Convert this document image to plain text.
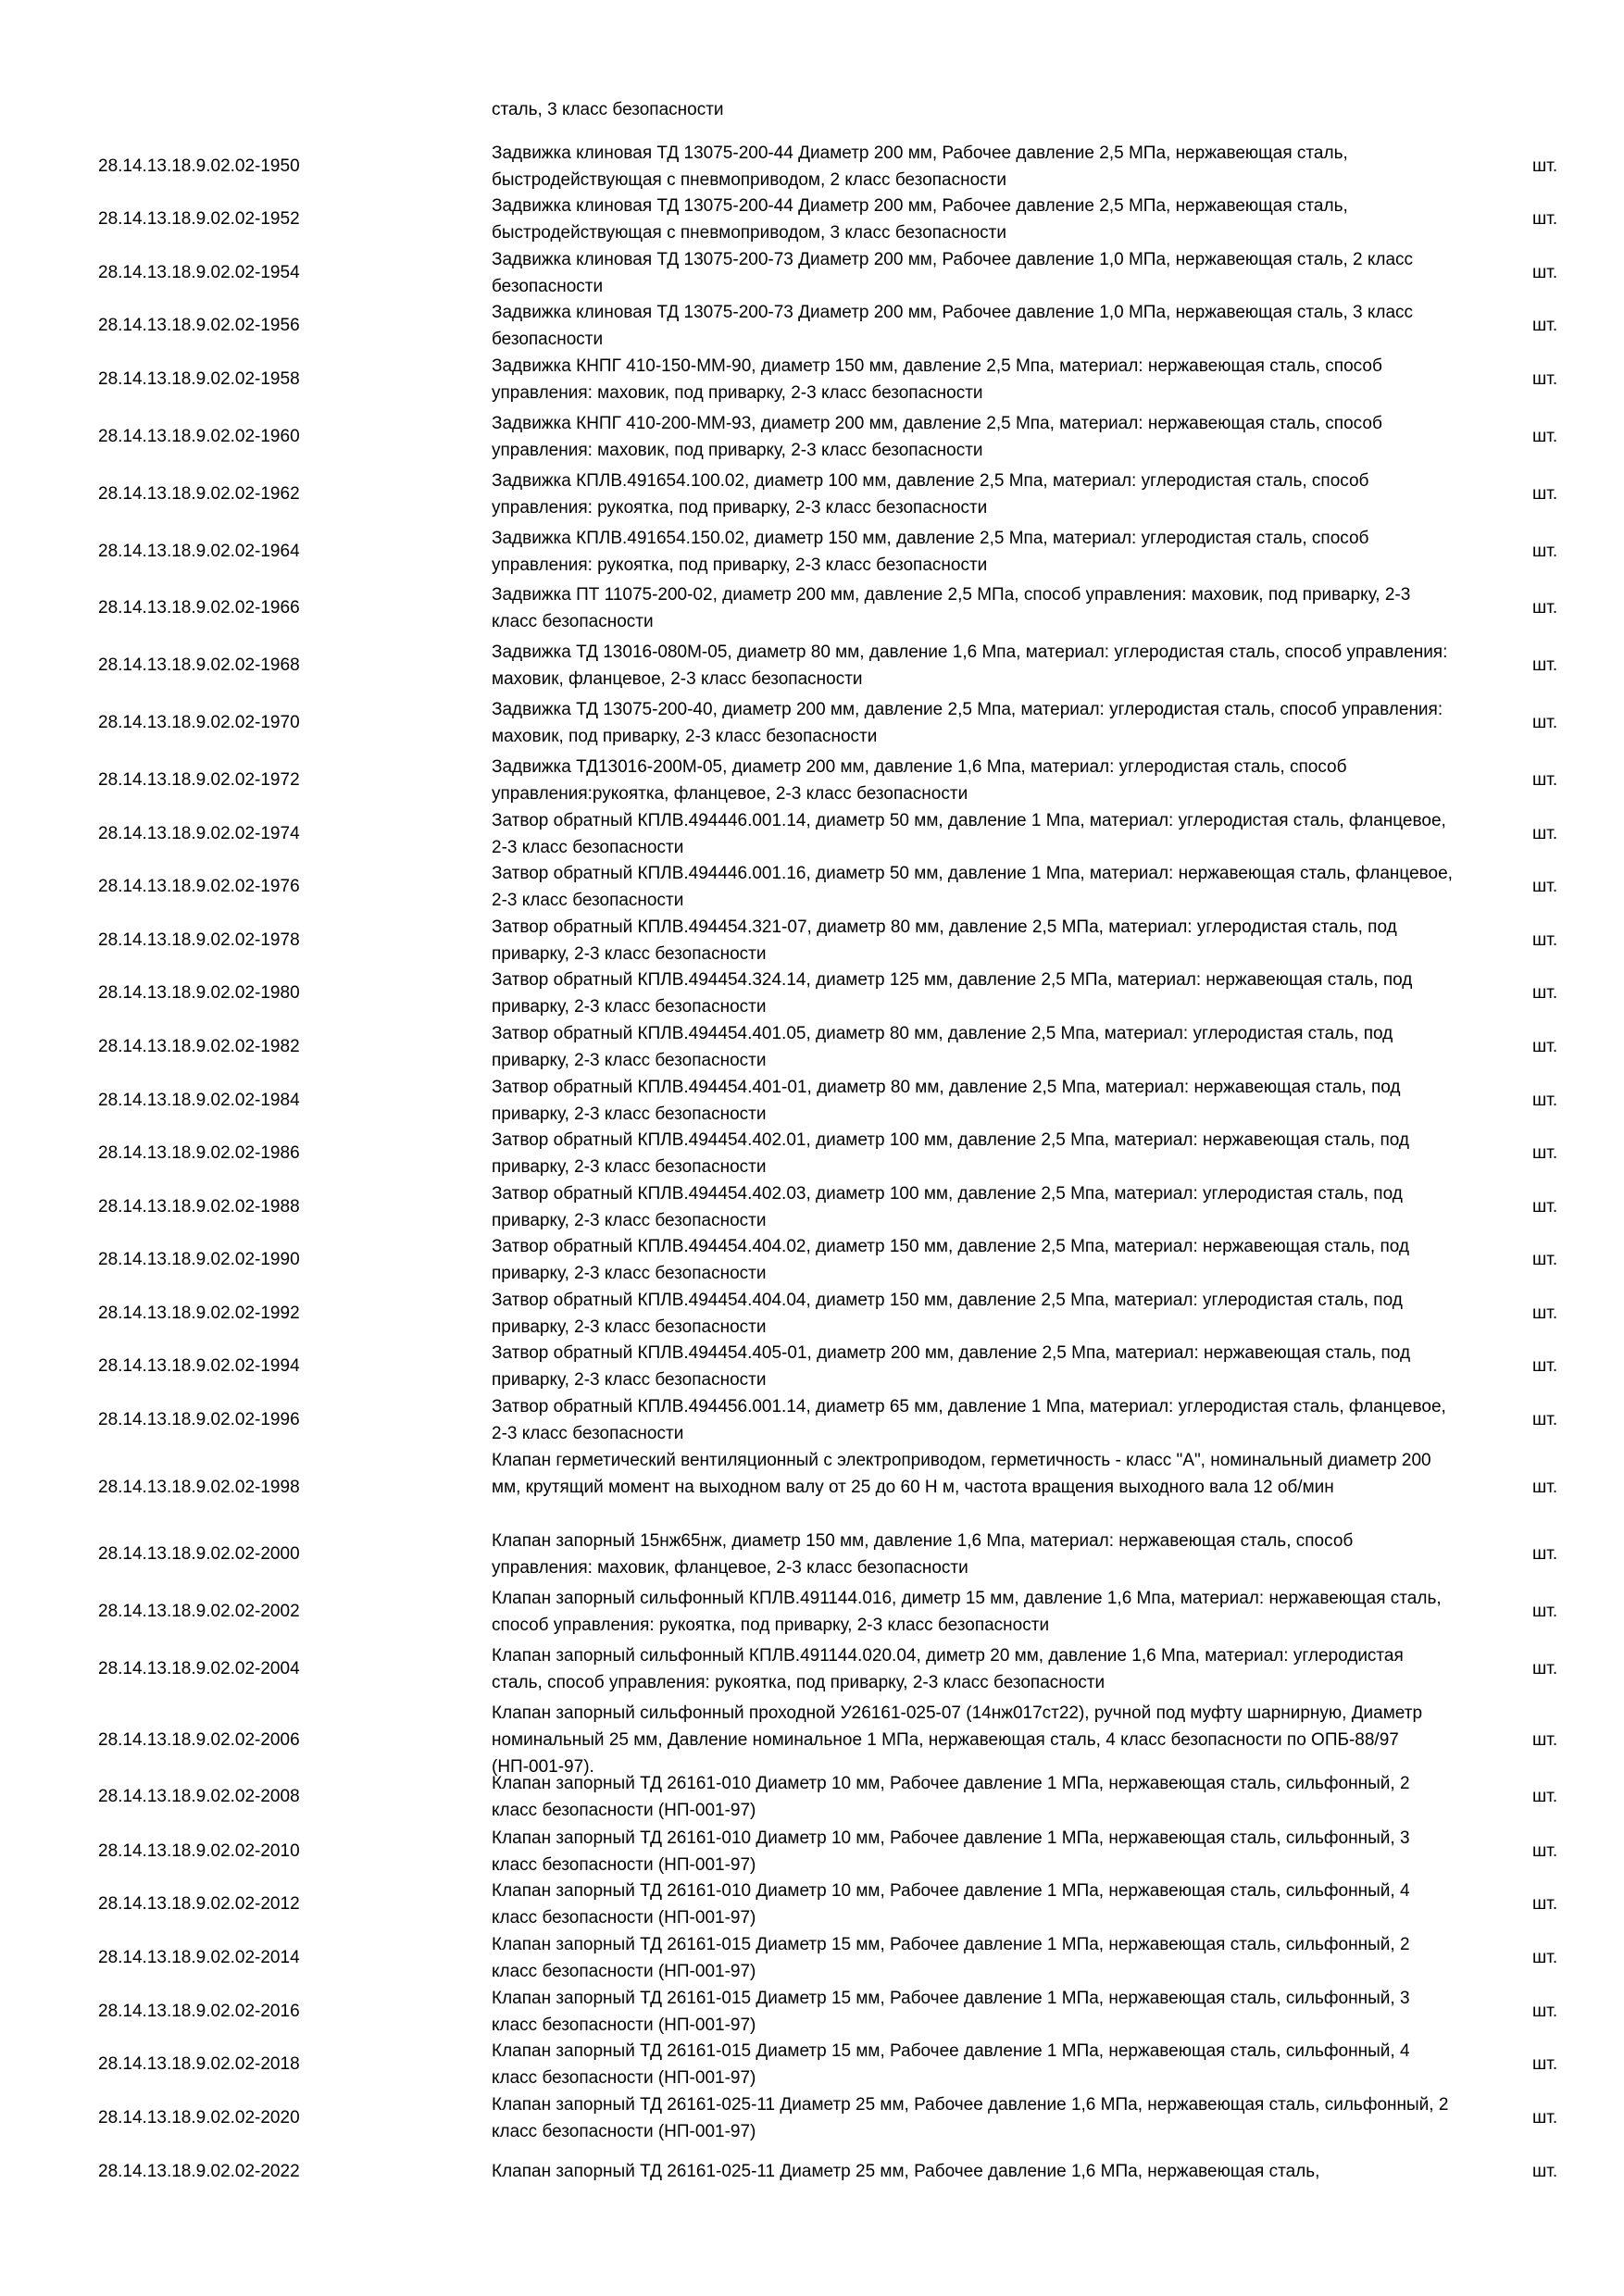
сталь, 3 класс безопасности
28.14.13.18.9.02.02-1950
Задвижка клиновая ТД 13075-200-44 Диаметр 200 мм, Рабочее давление 2,5 МПа, нержавеющая сталь, быстродействующая с пневмоприводом, 2 класс безопасности
шт.
28.14.13.18.9.02.02-1952
Задвижка клиновая ТД 13075-200-44 Диаметр 200 мм, Рабочее давление 2,5 МПа, нержавеющая сталь, быстродействующая с пневмоприводом, 3 класс безопасности
шт.
28.14.13.18.9.02.02-1954
Задвижка клиновая ТД 13075-200-73 Диаметр 200 мм, Рабочее давление 1,0 МПа, нержавеющая сталь, 2 класс безопасности
шт.
28.14.13.18.9.02.02-1956
Задвижка клиновая ТД 13075-200-73 Диаметр 200 мм, Рабочее давление 1,0 МПа, нержавеющая сталь, 3 класс безопасности
шт.
28.14.13.18.9.02.02-1958
Задвижка КНПГ 410-150-ММ-90, диаметр 150 мм, давление 2,5 Мпа, материал: нержавеющая сталь, способ управления: маховик, под приварку, 2-3 класс безопасности
шт.
28.14.13.18.9.02.02-1960
Задвижка КНПГ 410-200-ММ-93, диаметр 200 мм, давление 2,5 Мпа, материал: нержавеющая сталь, способ управления: маховик, под приварку, 2-3 класс безопасности
шт.
28.14.13.18.9.02.02-1962
Задвижка КПЛВ.491654.100.02, диаметр 100 мм, давление 2,5 Мпа, материал: углеродистая сталь, способ управления: рукоятка, под приварку, 2-3 класс безопасности
шт.
28.14.13.18.9.02.02-1964
Задвижка КПЛВ.491654.150.02, диаметр 150 мм, давление 2,5 Мпа, материал: углеродистая сталь, способ управления: рукоятка, под приварку, 2-3 класс безопасности
шт.
28.14.13.18.9.02.02-1966
Задвижка ПТ 11075-200-02, диаметр 200 мм, давление 2,5 МПа, способ управления: маховик, под приварку, 2-3 класс безопасности
шт.
28.14.13.18.9.02.02-1968
Задвижка ТД 13016-080М-05, диаметр 80 мм, давление 1,6 Мпа, материал: углеродистая сталь, способ управления: маховик, фланцевое, 2-3 класс безопасности
шт.
28.14.13.18.9.02.02-1970
Задвижка ТД 13075-200-40, диаметр 200 мм, давление 2,5 Мпа, материал: углеродистая сталь, способ управления: маховик, под приварку, 2-3 класс безопасности
шт.
28.14.13.18.9.02.02-1972
Задвижка ТД13016-200М-05, диаметр 200 мм, давление 1,6 Мпа, материал: углеродистая сталь, способ управления:рукоятка, фланцевое, 2-3 класс безопасности
шт.
28.14.13.18.9.02.02-1974
Затвор обратный КПЛВ.494446.001.14, диаметр 50 мм, давление 1 Мпа, материал: углеродистая сталь, фланцевое, 2-3 класс безопасности
шт.
28.14.13.18.9.02.02-1976
Затвор обратный КПЛВ.494446.001.16, диаметр 50 мм, давление 1 Мпа, материал: нержавеющая сталь, фланцевое, 2-3 класс безопасности
шт.
28.14.13.18.9.02.02-1978
Затвор обратный КПЛВ.494454.321-07, диаметр 80 мм, давление 2,5 МПа, материал: углеродистая сталь, под приварку, 2-3 класс безопасности
шт.
28.14.13.18.9.02.02-1980
Затвор обратный КПЛВ.494454.324.14, диаметр 125 мм, давление 2,5 МПа, материал: нержавеющая сталь, под приварку, 2-3 класс безопасности
шт.
28.14.13.18.9.02.02-1982
Затвор обратный КПЛВ.494454.401.05, диаметр 80 мм, давление 2,5 Мпа, материал: углеродистая сталь, под приварку, 2-3 класс безопасности
шт.
28.14.13.18.9.02.02-1984
Затвор обратный КПЛВ.494454.401-01, диаметр 80 мм, давление 2,5 Мпа, материал: нержавеющая сталь, под приварку, 2-3 класс безопасности
шт.
28.14.13.18.9.02.02-1986
Затвор обратный КПЛВ.494454.402.01, диаметр 100 мм, давление 2,5 Мпа, материал: нержавеющая сталь, под приварку, 2-3 класс безопасности
шт.
28.14.13.18.9.02.02-1988
Затвор обратный КПЛВ.494454.402.03, диаметр 100 мм, давление 2,5 Мпа, материал: углеродистая сталь, под приварку, 2-3 класс безопасности
шт.
28.14.13.18.9.02.02-1990
Затвор обратный КПЛВ.494454.404.02, диаметр 150 мм, давление 2,5 Мпа, материал: нержавеющая сталь, под приварку, 2-3 класс безопасности
шт.
28.14.13.18.9.02.02-1992
Затвор обратный КПЛВ.494454.404.04, диаметр 150 мм, давление 2,5 Мпа, материал: углеродистая сталь, под приварку, 2-3 класс безопасности
шт.
28.14.13.18.9.02.02-1994
Затвор обратный КПЛВ.494454.405-01, диаметр 200 мм, давление 2,5 Мпа, материал: нержавеющая сталь, под приварку, 2-3 класс безопасности
шт.
28.14.13.18.9.02.02-1996
Затвор обратный КПЛВ.494456.001.14, диаметр 65 мм, давление 1 Мпа, материал: углеродистая сталь, фланцевое, 2-3 класс безопасности
шт.
28.14.13.18.9.02.02-1998
Клапан герметический вентиляционный с электроприводом, герметичность - класс "А", номинальный диаметр 200 мм, крутящий момент на выходном валу от 25 до 60 Н м, частота вращения выходного вала 12 об/мин	шт.
28.14.13.18.9.02.02-2000
Клапан запорный 15нж65нж, диаметр 150 мм, давление 1,6 Мпа, материал: нержавеющая сталь, способ управления: маховик, фланцевое, 2-3 класс безопасности
шт.
28.14.13.18.9.02.02-2002
Клапан запорный сильфонный КПЛВ.491144.016, диметр 15 мм, давление 1,6 Мпа, материал: нержавеющая сталь, способ управления: рукоятка, под приварку, 2-3 класс безопасности
шт.
28.14.13.18.9.02.02-2004
Клапан запорный сильфонный КПЛВ.491144.020.04, диметр 20 мм, давление 1,6 Мпа, материал: углеродистая сталь, способ управления: рукоятка, под приварку, 2-3 класс безопасности
шт.
28.14.13.18.9.02.02-2006
Клапан запорный сильфонный проходной У26161-025-07 (14нж017ст22), ручной под муфту шарнирную, Диаметр номинальный 25 мм, Давление номинальное 1 МПа, нержавеющая сталь, 4 класс безопасности по ОПБ-88/97 (НП-001-97).
шт.
28.14.13.18.9.02.02-2008
Клапан запорный ТД 26161-010 Диаметр 10 мм, Рабочее давление 1 МПа, нержавеющая сталь, сильфонный, 2 класс безопасности (НП-001-97)
шт.
28.14.13.18.9.02.02-2010
Клапан запорный ТД 26161-010 Диаметр 10 мм, Рабочее давление 1 МПа, нержавеющая сталь, сильфонный, 3 класс безопасности (НП-001-97)
шт.
28.14.13.18.9.02.02-2012
Клапан запорный ТД 26161-010 Диаметр 10 мм, Рабочее давление 1 МПа, нержавеющая сталь, сильфонный, 4 класс безопасности (НП-001-97)
шт.
28.14.13.18.9.02.02-2014
Клапан запорный ТД 26161-015 Диаметр 15 мм, Рабочее давление 1 МПа, нержавеющая сталь, сильфонный, 2 класс безопасности (НП-001-97)
шт.
28.14.13.18.9.02.02-2016
Клапан запорный ТД 26161-015 Диаметр 15 мм, Рабочее давление 1 МПа, нержавеющая сталь, сильфонный, 3 класс безопасности (НП-001-97)
шт.
28.14.13.18.9.02.02-2018
Клапан запорный ТД 26161-015 Диаметр 15 мм, Рабочее давление 1 МПа, нержавеющая сталь, сильфонный, 4 класс безопасности (НП-001-97)
шт.
28.14.13.18.9.02.02-2020
Клапан запорный ТД 26161-025-11 Диаметр 25 мм, Рабочее давление 1,6 МПа, нержавеющая сталь, сильфонный, 2 класс безопасности (НП-001-97)
шт.
28.14.13.18.9.02.02-2022	Клапан запорный ТД 26161-025-11 Диаметр 25 мм, Рабочее давление 1,6 МПа, нержавеющая сталь,	шт.
